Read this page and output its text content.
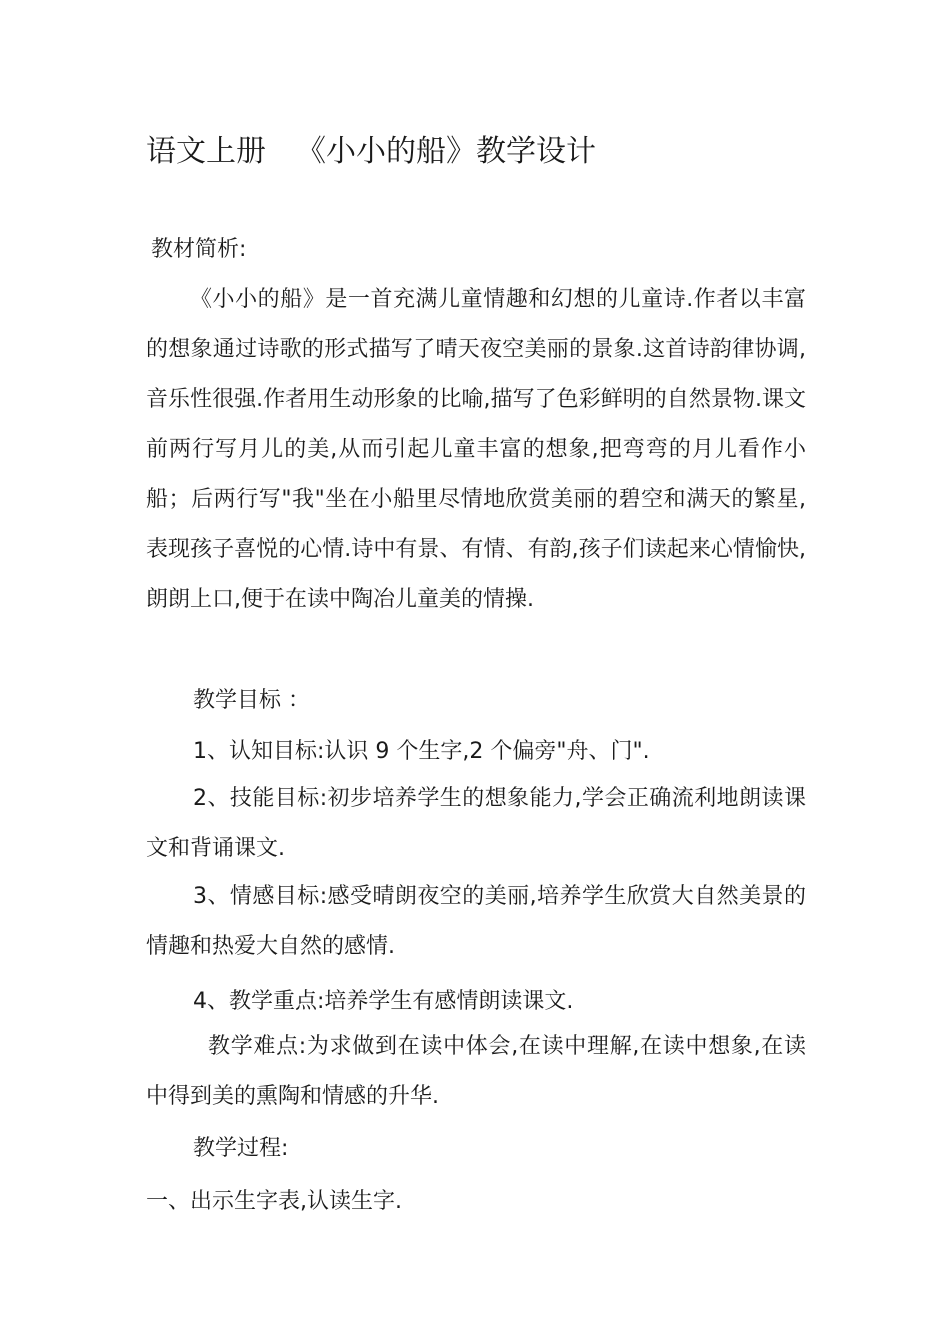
语文上册 《小小的船》教学设计
教材简析:
《小小的船》是一首充满儿童情趣和幻想的儿童诗.作者以丰富的想象通过诗歌的形式描写了晴天夜空美丽的景象.这首诗韵律协调,音乐性很强.作者用生动形象的比喻,描写了色彩鲜明的自然景物.课文前两行写月儿的美,从而引起儿童丰富的想象,把弯弯的月儿看作小船；后两行写"我"坐在小船里尽情地欣赏美丽的碧空和满天的繁星,表现孩子喜悦的心情.诗中有景、有情、有韵,孩子们读起来心情愉快,朗朗上口,便于在读中陶冶儿童美的情操.
教学目标 ：
1、认知目标:认识 9 个生字,2 个偏旁"舟、门".
2、技能目标:初步培养学生的想象能力,学会正确流利地朗读课文和背诵课文.
3、情感目标:感受晴朗夜空的美丽,培养学生欣赏大自然美景的情趣和热爱大自然的感情.
4、教学重点:培养学生有感情朗读课文.
教学难点:为求做到在读中体会,在读中理解,在读中想象,在读中得到美的熏陶和情感的升华.
教学过程:
一、出示生字表,认读生字.
